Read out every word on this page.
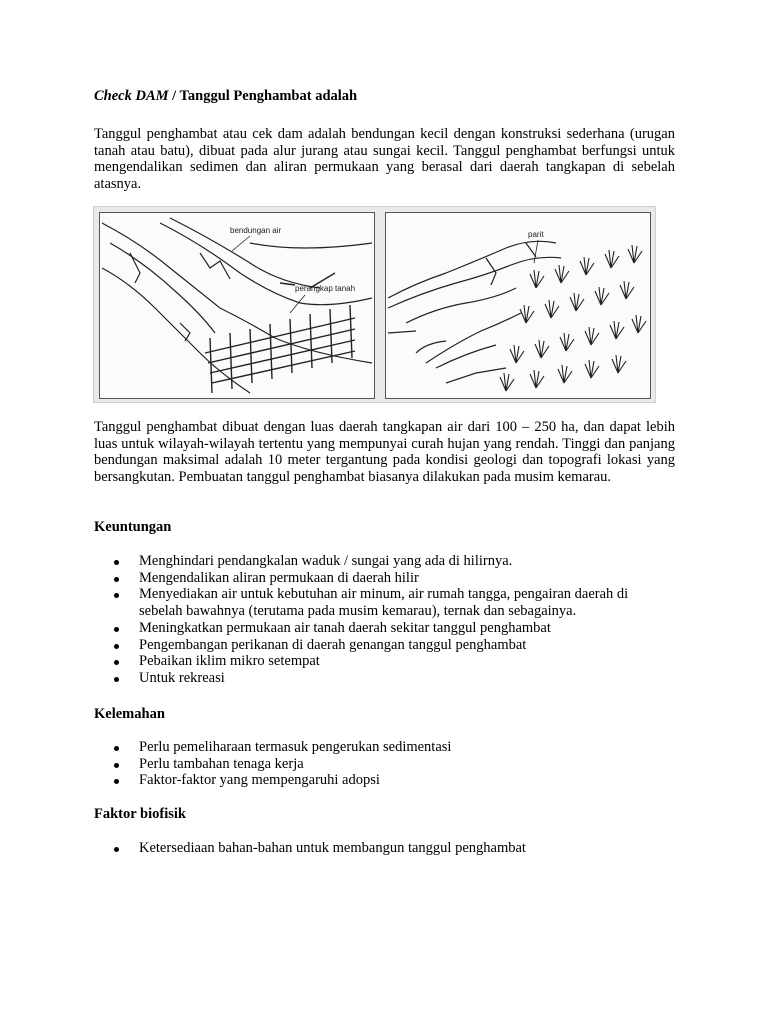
Check DAM / Tanggul Penghambat adalah

Tanggul penghambat atau cek dam adalah bendungan kecil dengan konstruksi sederhana (urugan tanah atau batu), dibuat pada alur jurang atau sungai kecil. Tanggul penghambat berfungsi untuk mengendalikan sedimen dan aliran permukaan yang berasal dari daerah tangkapan di sebelah atasnya.

bendungan air
perangkap tanah
parit

Tanggul penghambat dibuat dengan luas daerah tangkapan air dari 100 – 250 ha, dan dapat lebih luas untuk wilayah-wilayah tertentu yang mempunyai curah hujan yang rendah. Tinggi dan panjang bendungan maksimal adalah 10 meter tergantung pada kondisi geologi dan topografi lokasi yang bersangkutan. Pembuatan tanggul penghambat biasanya dilakukan pada musim kemarau.

Keuntungan
Menghindari pendangkalan waduk / sungai yang ada di hilirnya.
Mengendalikan aliran permukaan di daerah hilir
Menyediakan air untuk kebutuhan air minum, air rumah tangga, pengairan daerah di sebelah bawahnya (terutama pada musim kemarau), ternak dan sebagainya.
Meningkatkan permukaan air tanah daerah sekitar tanggul penghambat
Pengembangan perikanan di daerah genangan tanggul penghambat
Pebaikan iklim mikro setempat
Untuk rekreasi
Kelemahan
Perlu pemeliharaan termasuk pengerukan sedimentasi
Perlu tambahan tenaga kerja
Faktor-faktor yang mempengaruhi adopsi
Faktor biofisik
Ketersediaan bahan-bahan untuk membangun tanggul penghambat
